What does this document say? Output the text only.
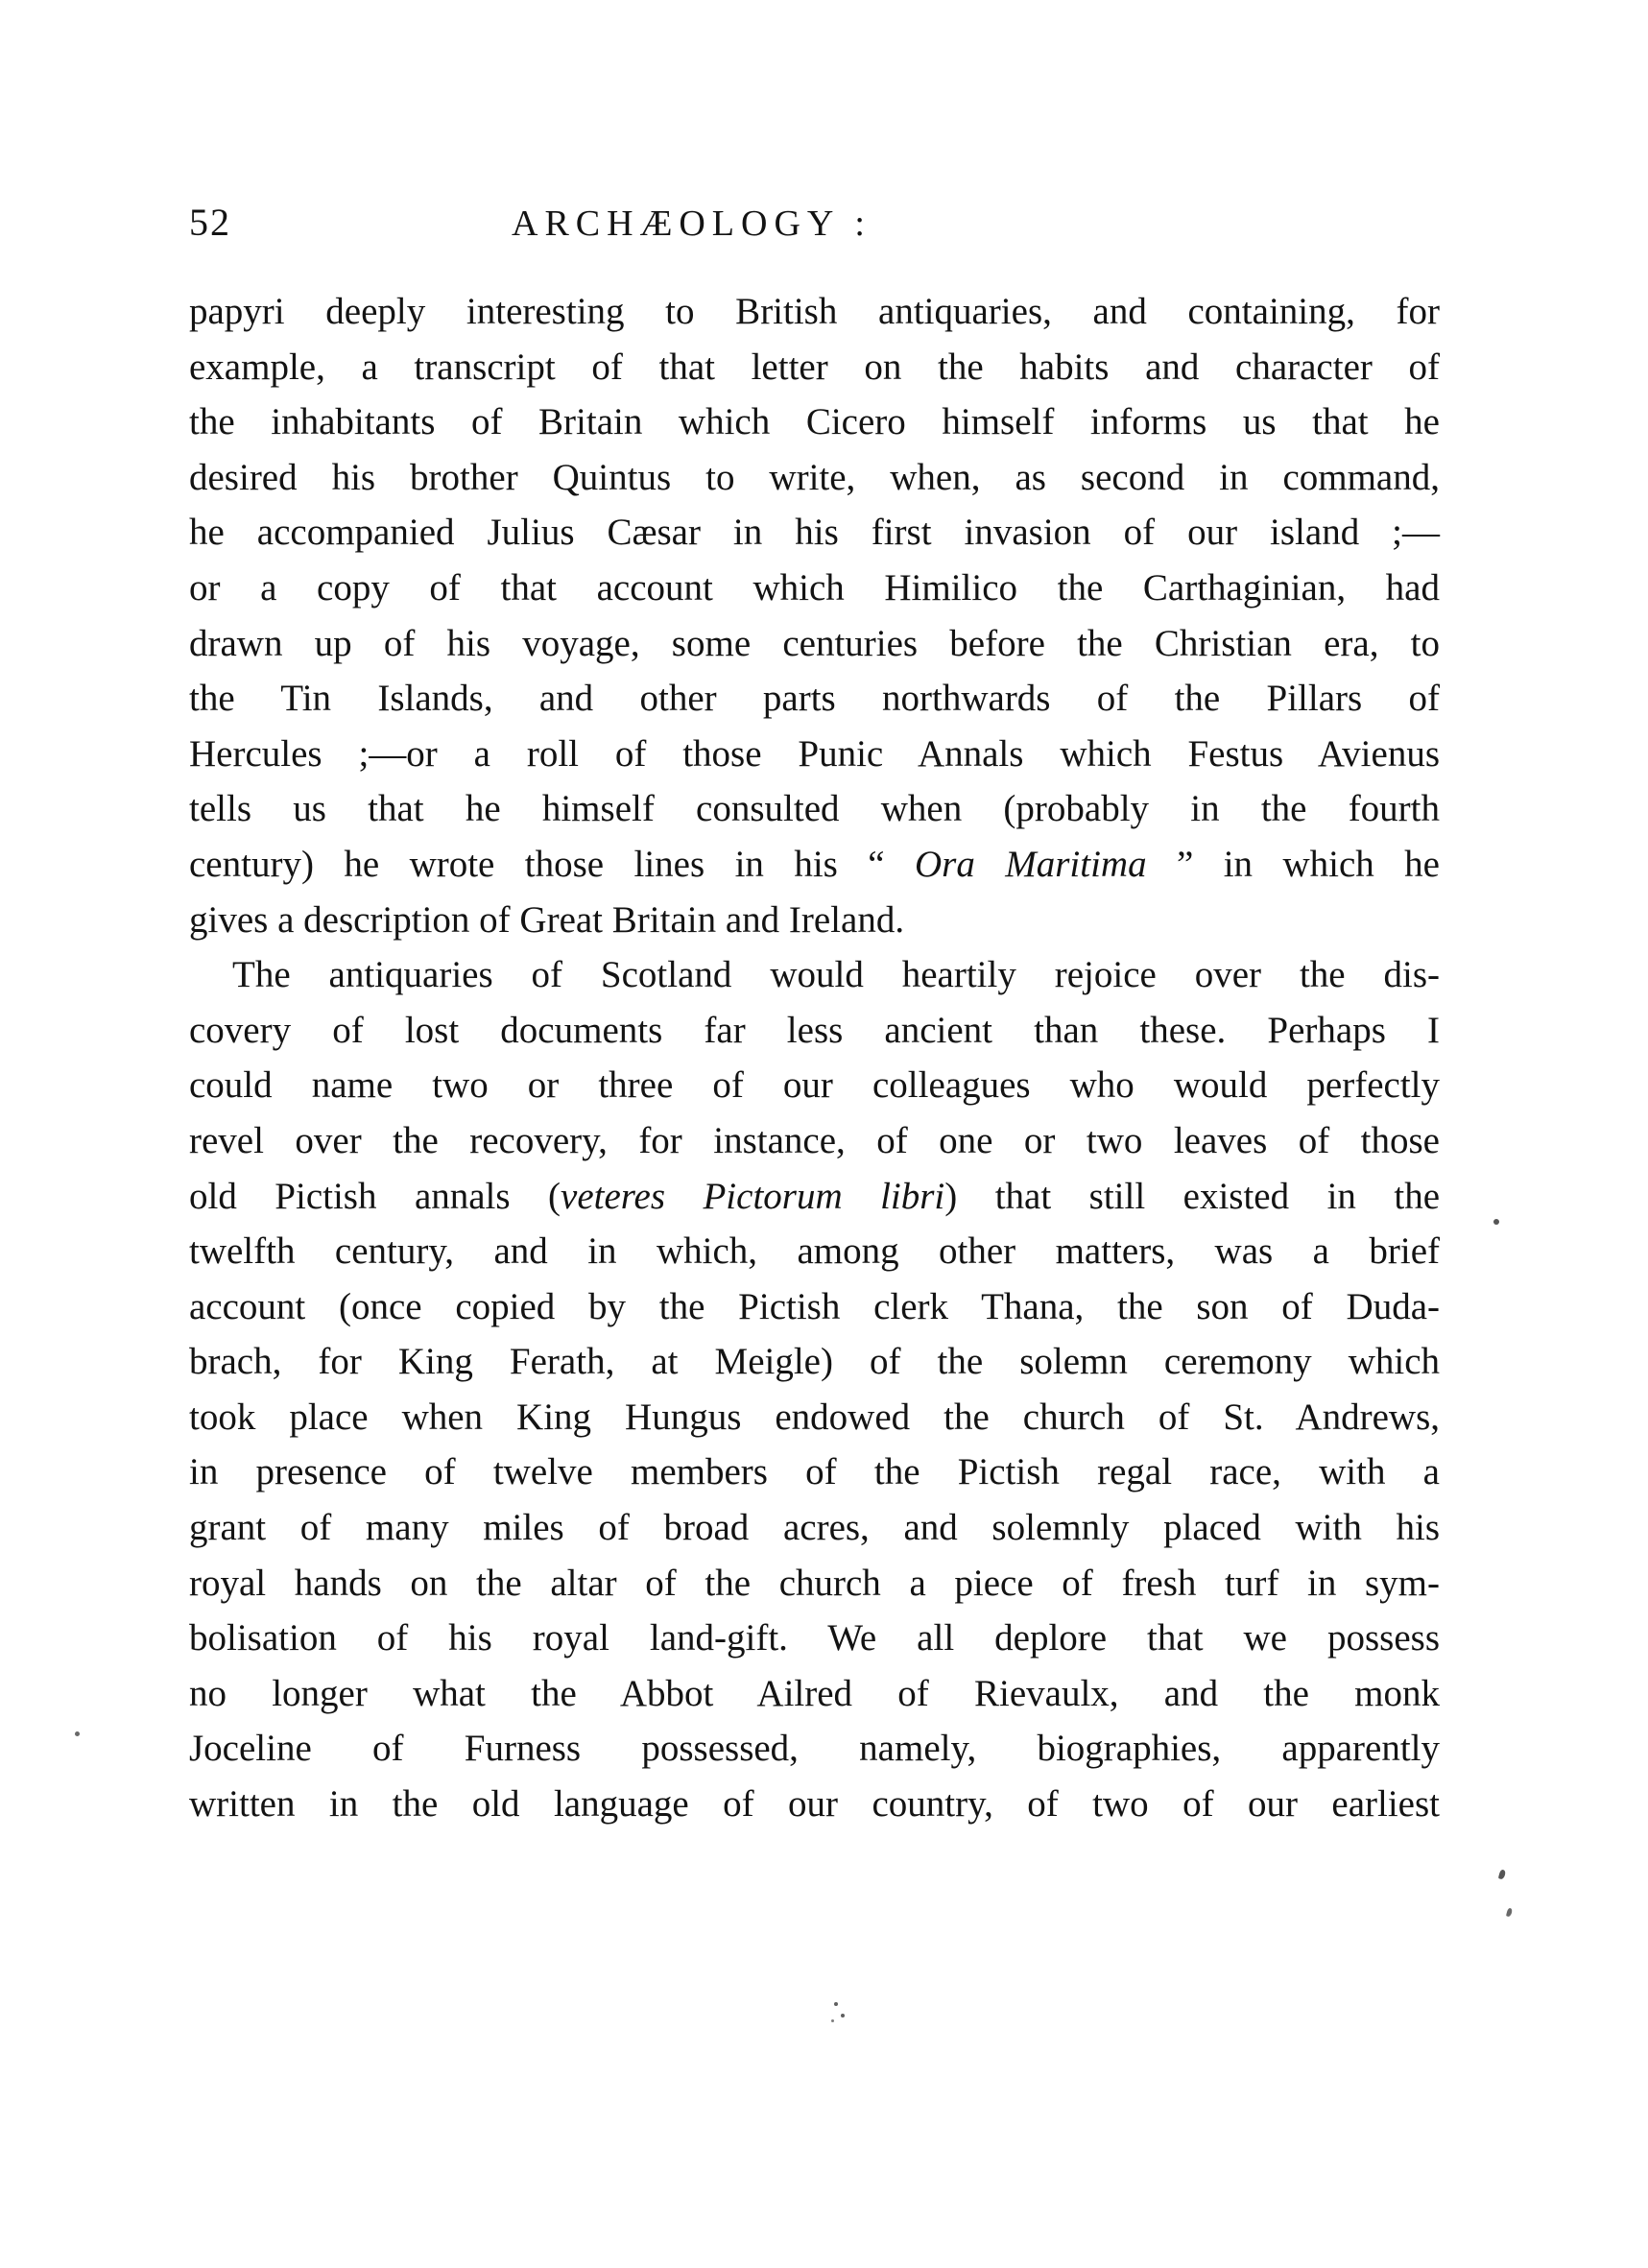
52	ARCHÆOLOGY :
papyri deeply interesting to British antiquaries, and containing, for
example, a transcript of that letter on the habits and character of
the inhabitants of Britain which Cicero himself informs us that he
desired his brother Quintus to write, when, as second in command,
he accompanied Julius Cæsar in his first invasion of our island ;—
or a copy of that account which Himilico the Carthaginian, had
drawn up of his voyage, some centuries before the Christian era, to
the Tin Islands, and other parts northwards of the Pillars of
Hercules ;—or a roll of those Punic Annals which Festus Avienus
tells us that he himself consulted when (probably in the fourth
century) he wrote those lines in his “ Ora Maritima ” in which he
gives a description of Great Britain and Ireland.
The antiquaries of Scotland would heartily rejoice over the dis-
covery of lost documents far less ancient than these. Perhaps I
could name two or three of our colleagues who would perfectly
revel over the recovery, for instance, of one or two leaves of those
old Pictish annals (veteres Pictorum libri) that still existed in the
twelfth century, and in which, among other matters, was a brief
account (once copied by the Pictish clerk Thana, the son of Duda-
brach, for King Ferath, at Meigle) of the solemn ceremony which
took place when King Hungus endowed the church of St. Andrews,
in presence of twelve members of the Pictish regal race, with a
grant of many miles of broad acres, and solemnly placed with his
royal hands on the altar of the church a piece of fresh turf in sym-
bolisation of his royal land-gift. We all deplore that we possess
no longer what the Abbot Ailred of Rievaulx, and the monk
Joceline of Furness possessed, namely, biographies, apparently
written in the old language of our country, of two of our earliest
